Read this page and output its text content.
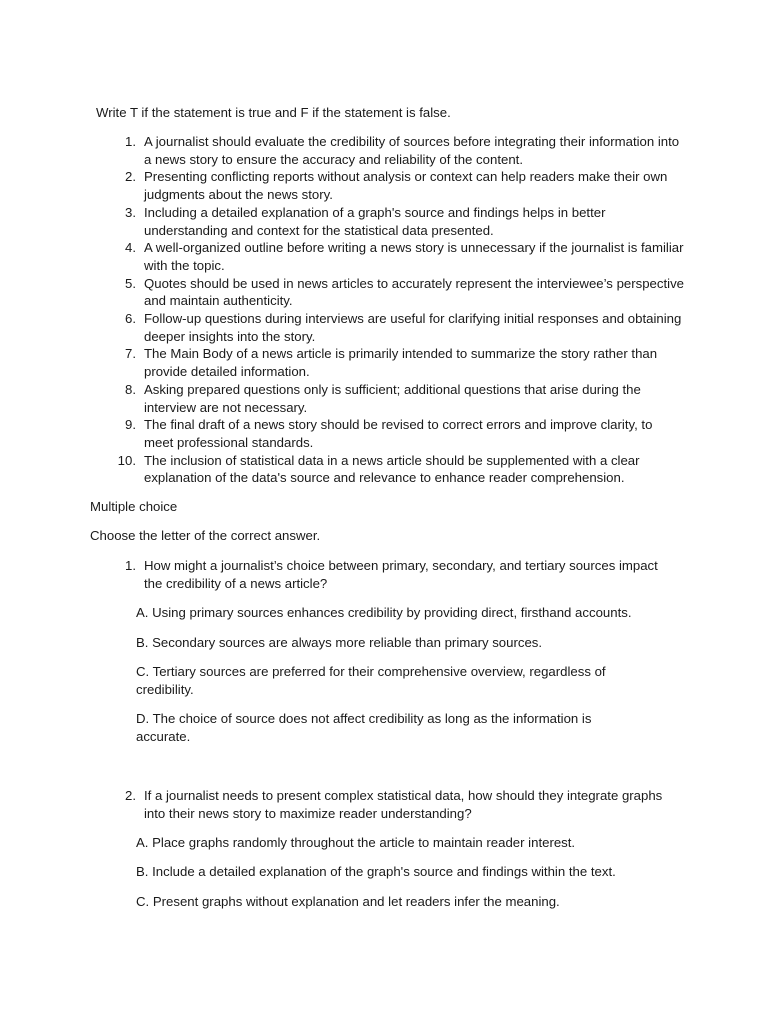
Write T if the statement is true and F if the statement is false.
1. A journalist should evaluate the credibility of sources before integrating their information into a news story to ensure the accuracy and reliability of the content.
2. Presenting conflicting reports without analysis or context can help readers make their own judgments about the news story.
3. Including a detailed explanation of a graph's source and findings helps in better understanding and context for the statistical data presented.
4. A well-organized outline before writing a news story is unnecessary if the journalist is familiar with the topic.
5. Quotes should be used in news articles to accurately represent the interviewee’s perspective and maintain authenticity.
6. Follow-up questions during interviews are useful for clarifying initial responses and obtaining deeper insights into the story.
7. The Main Body of a news article is primarily intended to summarize the story rather than provide detailed information.
8. Asking prepared questions only is sufficient; additional questions that arise during the interview are not necessary.
9. The final draft of a news story should be revised to correct errors and improve clarity, to meet professional standards.
10. The inclusion of statistical data in a news article should be supplemented with a clear explanation of the data's source and relevance to enhance reader comprehension.
Multiple choice
Choose the letter of the correct answer.
1. How might a journalist’s choice between primary, secondary, and tertiary sources impact the credibility of a news article?
A. Using primary sources enhances credibility by providing direct, firsthand accounts.
B. Secondary sources are always more reliable than primary sources.
C. Tertiary sources are preferred for their comprehensive overview, regardless of credibility.
D. The choice of source does not affect credibility as long as the information is accurate.
2. If a journalist needs to present complex statistical data, how should they integrate graphs into their news story to maximize reader understanding?
A. Place graphs randomly throughout the article to maintain reader interest.
B. Include a detailed explanation of the graph's source and findings within the text.
C. Present graphs without explanation and let readers infer the meaning.
